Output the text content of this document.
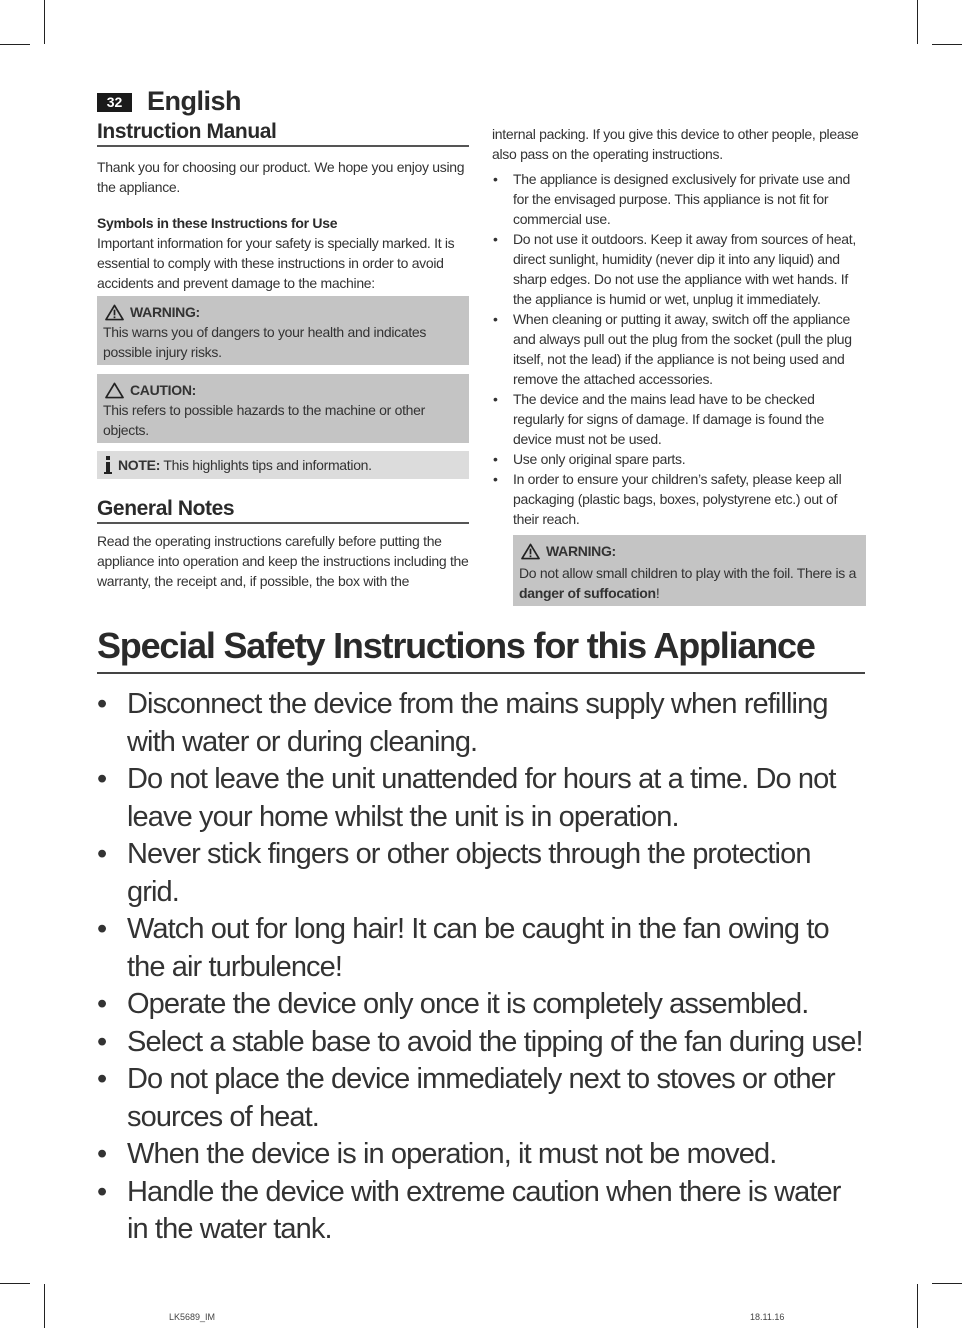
32 English
Instruction Manual

Thank you for choosing our product. We hope you enjoy using the appliance.

Symbols in these Instructions for Use

Important information for your safety is specially marked. It is essential to comply with these instructions in order to avoid accidents and prevent damage to the machine:

WARNING:

This warns you of dangers to your health and indicates possible injury risks.

CAUTION:

This refers to possible hazards to the machine or other objects.

NOTE: This highlights tips and information.
General Notes

Read the operating instructions carefully before putting the appliance into operation and keep the instructions including the warranty, the receipt and, if possible, the box with the

internal packing. If you give this device to other people, please also pass on the operating instructions.

• The appliance is designed exclusively for private use and for the envisaged purpose. This appliance is not fit for commercial use.
• Do not use it outdoors. Keep it away from sources of heat, direct sunlight, humidity (never dip it into any liquid) and sharp edges. Do not use the appliance with wet hands. If the appliance is humid or wet, unplug it immediately.
• When cleaning or putting it away, switch off the appliance and always pull out the plug from the socket (pull the plug itself, not the lead) if the appliance is not being used and remove the attached accessories.
• The device and the mains lead have to be checked regularly for signs of damage. If damage is found the device must not be used.
• Use only original spare parts.
• In order to ensure your children’s safety, please keep all packaging (plastic bags, boxes, polystyrene etc.) out of their reach.
WARNING:

Do not allow small children to play with the foil. There is a danger of suffocation!

Special Safety Instructions for this Appliance
• Disconnect the device from the mains supply when refilling with water or during cleaning.
• Do not leave the unit unattended for hours at a time. Do not leave your home whilst the unit is in operation.
• Never stick fingers or other objects through the protection grid.
• Watch out for long hair! It can be caught in the fan owing to the air turbulence!
• Operate the device only once it is completely assembled.
• Select a stable base to avoid the tipping of the fan during use!
• Do not place the device immediately next to stoves or other sources of heat.
• When the device is in operation, it must not be moved.
• Handle the device with extreme caution when there is water in the water tank.
LK5689_IM	18.11.16
